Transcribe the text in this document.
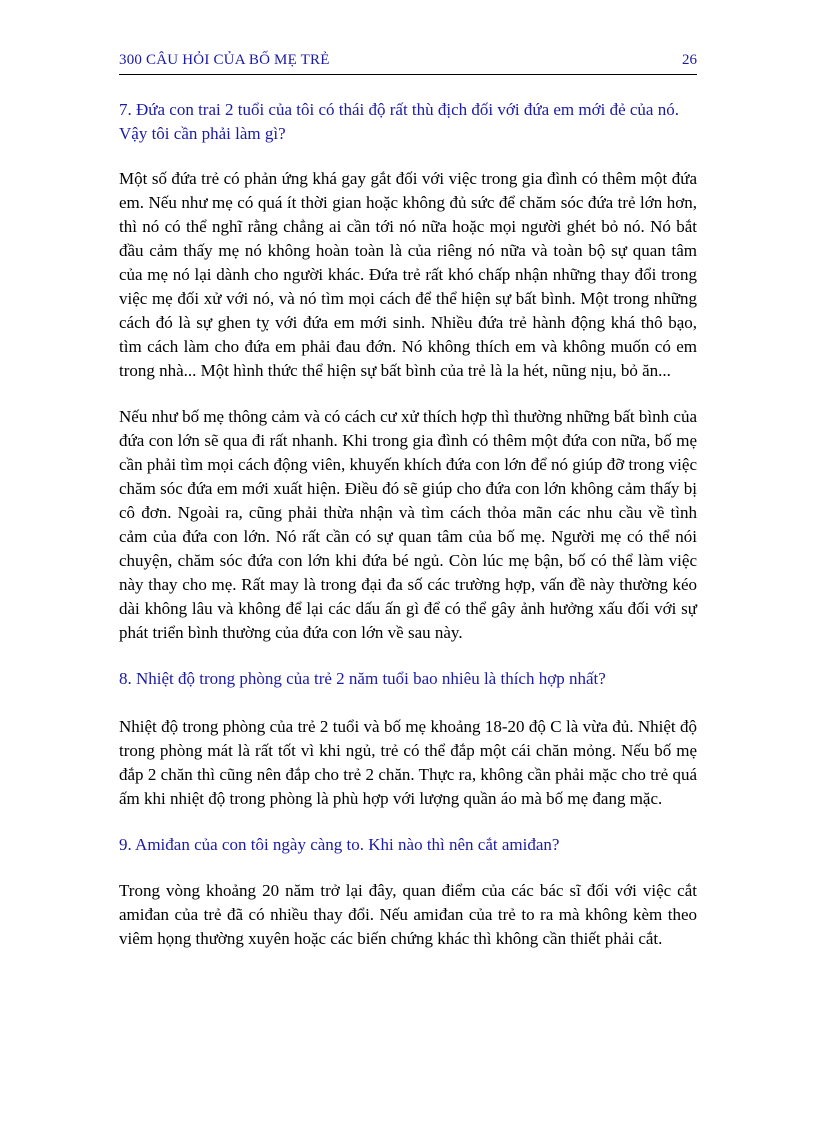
300 CÂU HỎI CỦA BỐ MẸ TRẺ	26

7. Đứa con trai 2 tuổi của tôi có thái độ rất thù địch đối với đứa em mới đẻ của nó. Vậy tôi cần phải làm gì?

Một số đứa trẻ có phản ứng khá gay gắt đối với việc trong gia đình có thêm một đứa em. Nếu như mẹ có quá ít thời gian hoặc không đủ sức để chăm sóc đứa trẻ lớn hơn, thì nó có thể nghĩ rằng chẳng ai cần tới nó nữa hoặc mọi người ghét bỏ nó. Nó bắt đầu cảm thấy mẹ nó không hoàn toàn là của riêng nó nữa và toàn bộ sự quan tâm của mẹ nó lại dành cho người khác. Đứa trẻ rất khó chấp nhận những thay đổi trong việc mẹ đối xử với nó, và nó tìm mọi cách để thể hiện sự bất bình. Một trong những cách đó là sự ghen tỵ với đứa em mới sinh. Nhiều đứa trẻ hành động khá thô bạo, tìm cách làm cho đứa em phải đau đớn. Nó không thích em và không muốn có em trong nhà... Một hình thức thể hiện sự bất bình của trẻ là la hét, nũng nịu, bỏ ăn...

Nếu như bố mẹ thông cảm và có cách cư xử thích hợp thì thường những bất bình của đứa con lớn sẽ qua đi rất nhanh. Khi trong gia đình có thêm một đứa con nữa, bố mẹ cần phải tìm mọi cách động viên, khuyến khích đứa con lớn để nó giúp đỡ trong việc chăm sóc đứa em mới xuất hiện. Điều đó sẽ giúp cho đứa con lớn không cảm thấy bị cô đơn. Ngoài ra, cũng phải thừa nhận và tìm cách thỏa mãn các nhu cầu về tình cảm của đứa con lớn. Nó rất cần có sự quan tâm của bố mẹ. Người mẹ có thể nói chuyện, chăm sóc đứa con lớn khi đứa bé ngủ. Còn lúc mẹ bận, bố có thể làm việc này thay cho mẹ. Rất may là trong đại đa số các trường hợp, vấn đề này thường kéo dài không lâu và không để lại các dấu ấn gì để có thể gây ảnh hưởng xấu đối với sự phát triển bình thường của đứa con lớn về sau này.

8. Nhiệt độ trong phòng của trẻ 2 năm tuổi bao nhiêu là thích hợp nhất?

Nhiệt độ trong phòng của trẻ 2 tuổi và bố mẹ khoảng 18-20 độ C là vừa đủ. Nhiệt độ trong phòng mát là rất tốt vì khi ngủ, trẻ có thể đắp một cái chăn mỏng. Nếu bố mẹ đắp 2 chăn thì cũng nên đắp cho trẻ 2 chăn. Thực ra, không cần phải mặc cho trẻ quá ấm khi nhiệt độ trong phòng là phù hợp với lượng quần áo mà bố mẹ đang mặc.

9. Amiđan của con tôi ngày càng to. Khi nào thì nên cắt amiđan?

Trong vòng khoảng 20 năm trở lại đây, quan điểm của các bác sĩ đối với việc cắt amiđan của trẻ đã có nhiều thay đổi. Nếu amiđan của trẻ to ra mà không kèm theo viêm họng thường xuyên hoặc các biến chứng khác thì không cần thiết phải cắt.
